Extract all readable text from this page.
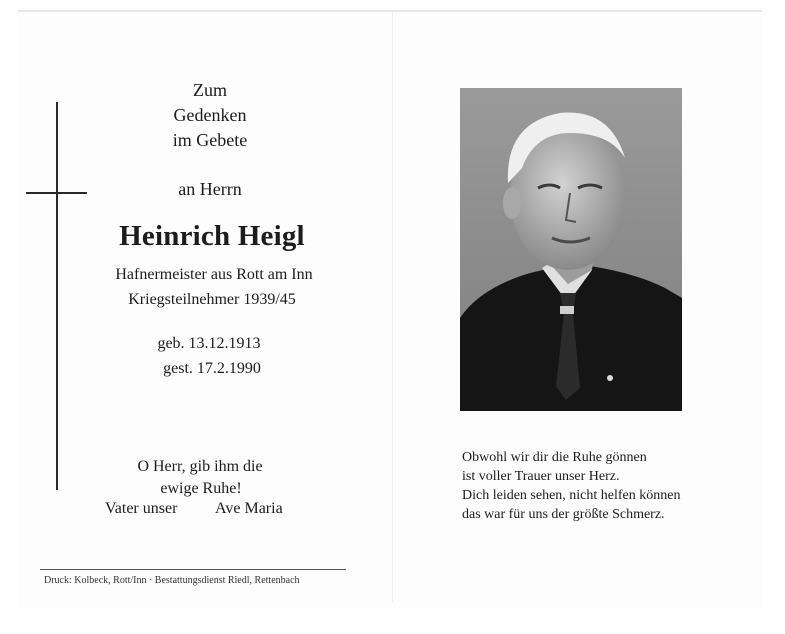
Zum
Gedenken
im Gebete
an Herrn
Heinrich Heigl
Hafnermeister aus Rott am Inn
Kriegsteilnehmer 1939/45
geb. 13.12.1913
gest. 17.2.1990
O Herr, gib ihm die
ewige Ruhe!
Vater unser Ave Maria
Druck: Kolbeck, Rott/Inn · Bestattungsdienst Riedl, Rettenbach
Obwohl wir dir die Ruhe gönnen
ist voller Trauer unser Herz.
Dich leiden sehen, nicht helfen können
das war für uns der größte Schmerz.
